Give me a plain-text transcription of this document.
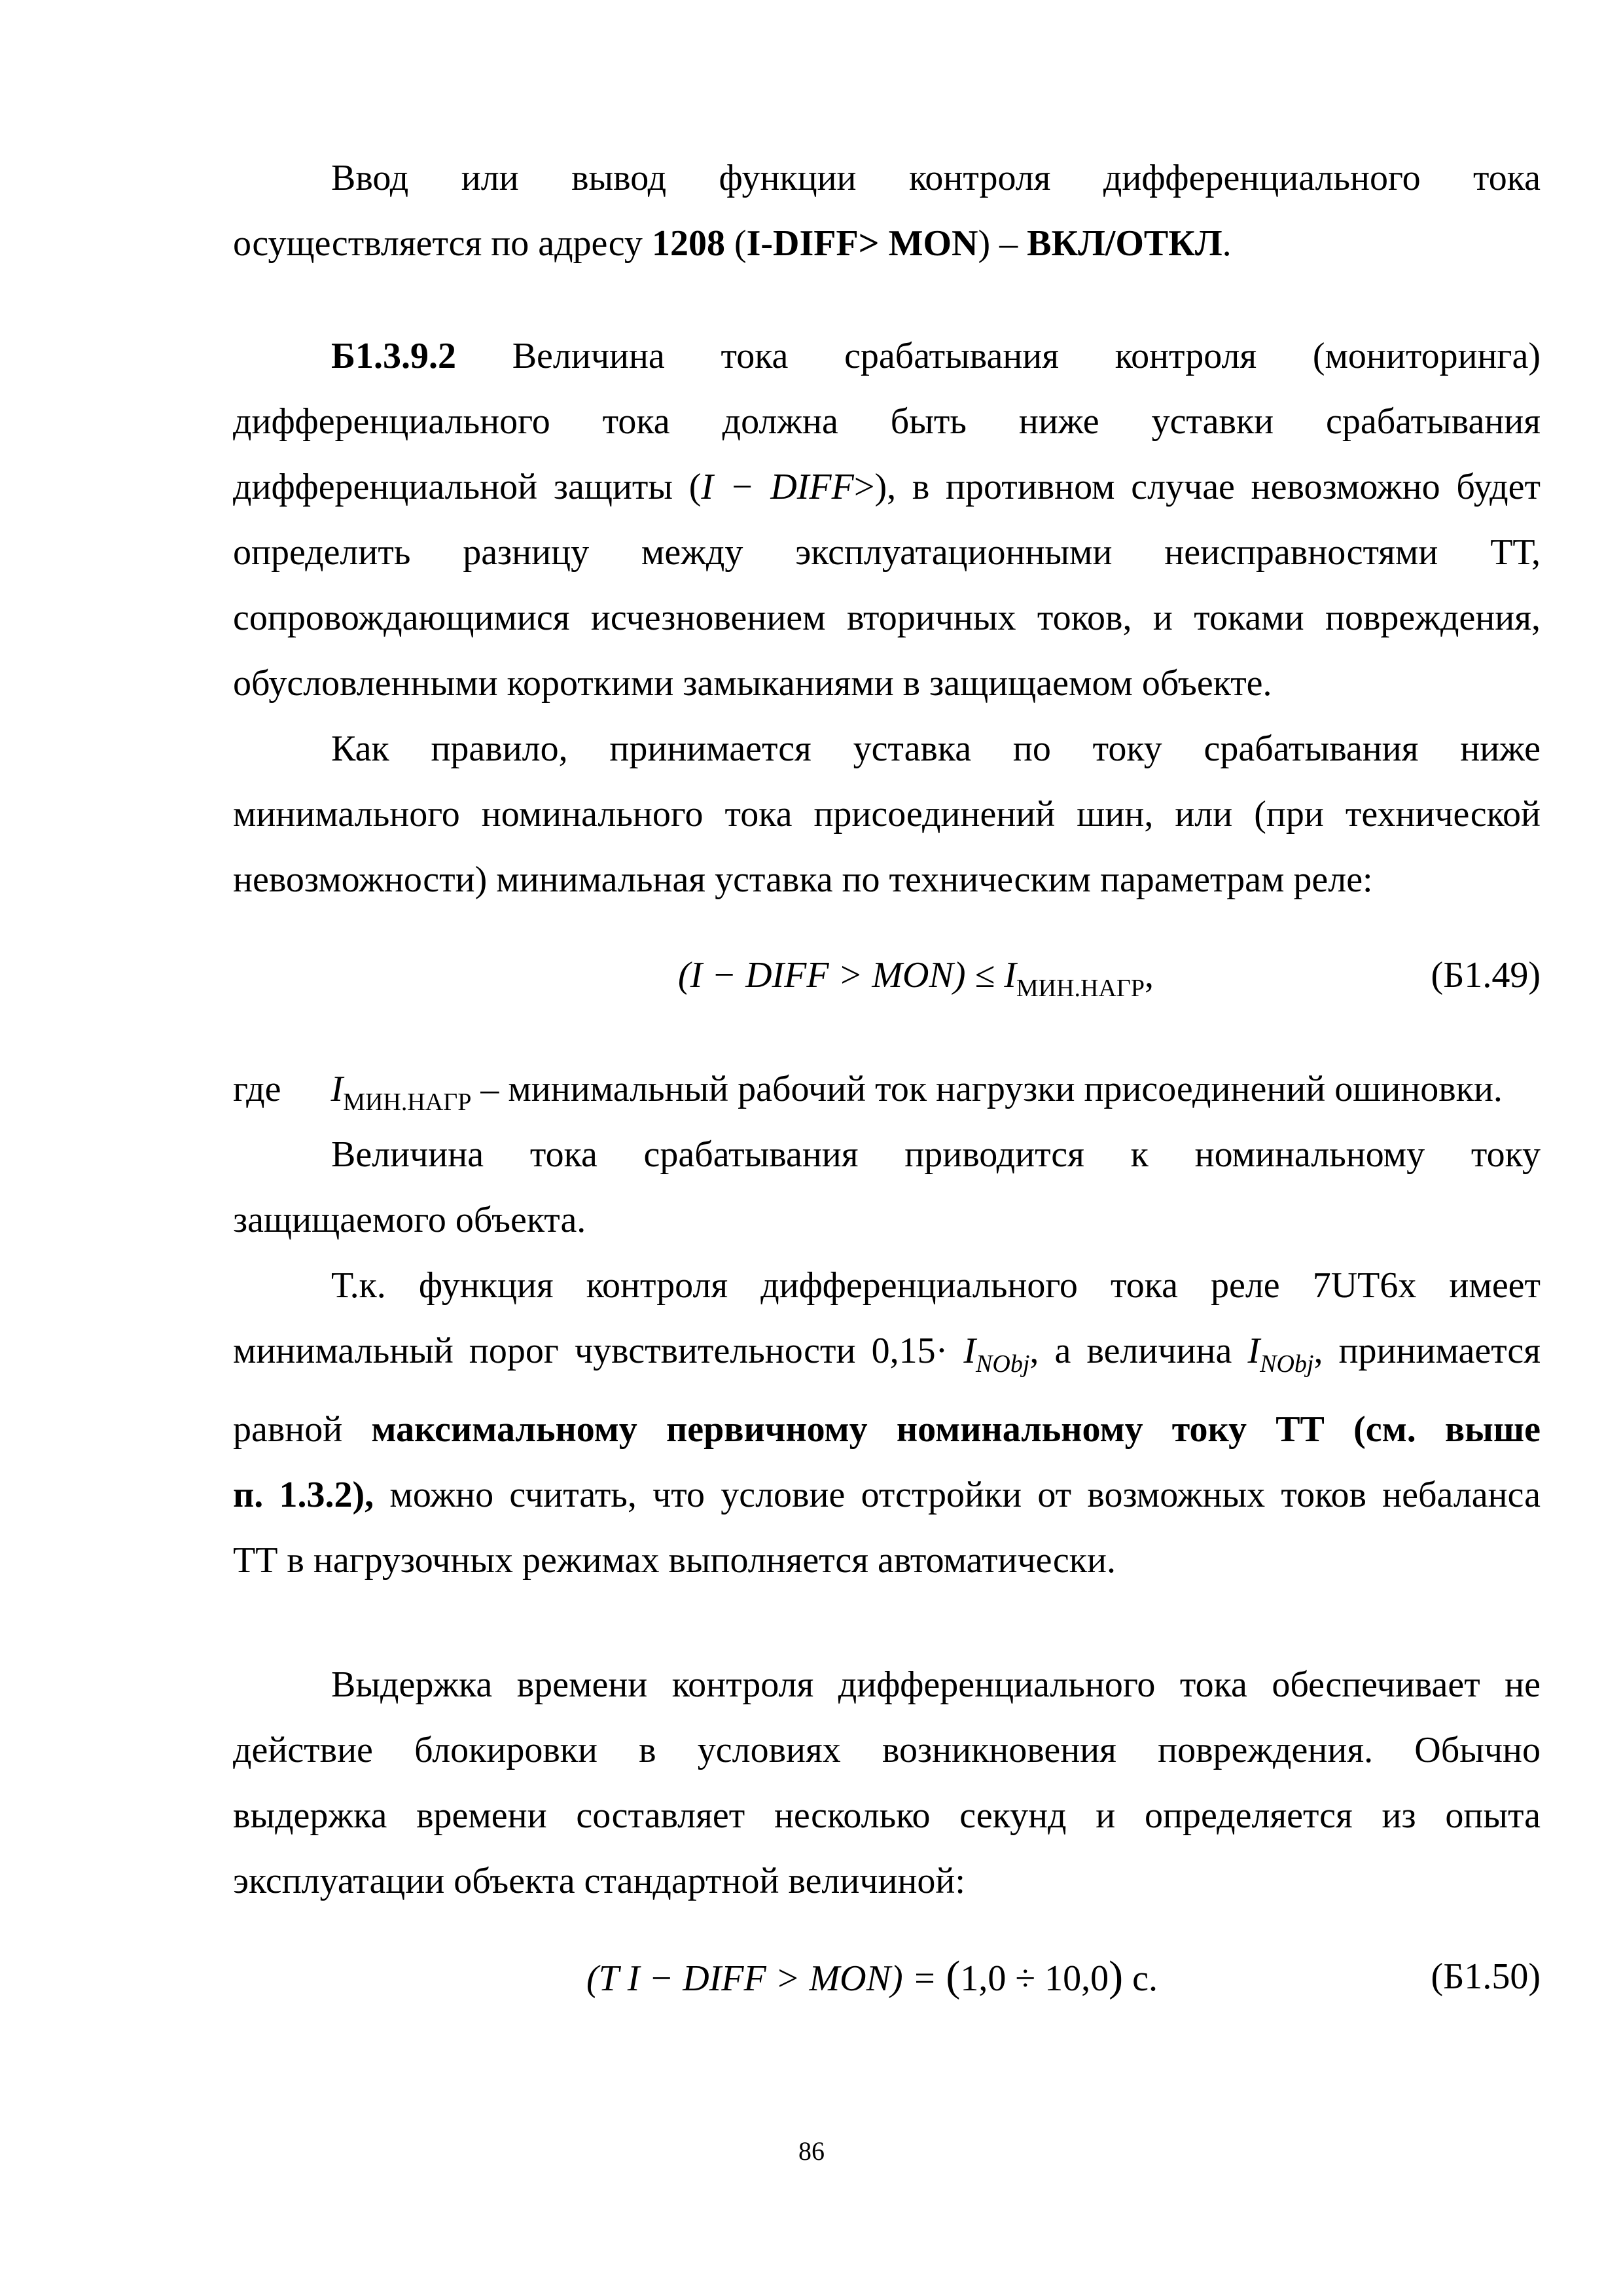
Ввод или вывод функции контроля дифференциального тока
осуществляется по адресу 1208 (I-DIFF> MON) – ВКЛ/ОТКЛ.
Б1.3.9.2 Величина тока срабатывания контроля (мониторинга)
дифференциального тока должна быть ниже уставки срабатывания
дифференциальной защиты (I − DIFF>), в противном случае невозможно будет
определить разницу между эксплуатационными неисправностями ТТ,
сопровождающимися исчезновением вторичных токов, и токами повреждения,
обусловленными короткими замыканиями в защищаемом объекте.
Как правило, принимается уставка по току срабатывания ниже
минимального номинального тока присоединений шин, или (при технической
невозможности) минимальная уставка по техническим параметрам реле:
(I − DIFF > $MON) \le I_{МИН.НАГР}$,	(Б1.49)
где $I_{МИН.НАГР}$ – минимальный рабочий ток нагрузки присоединений ошиновки.
Величина тока срабатывания приводится к номинальному току
защищаемого объекта.
Т.к. функция контроля дифференциального тока реле 7UT6х имеет
минимальный порог чувствительности $0,15\cdot I_{NObj}$, а величина $I_{NObj}$, принимается
равной максимальному первичному номинальному току ТТ (см. выше
п. 1.3.2), можно считать, что условие отстройки от возможных токов небаланса
ТТ в нагрузочных режимах выполняется автоматически.
Выдержка времени контроля дифференциального тока обеспечивает не
действие блокировки в условиях возникновения повреждения. Обычно
выдержка времени составляет несколько секунд и определяется из опыта
эксплуатации объекта стандартной величиной:
(T I − DIFF > MON) = (1,0 ÷ 10,0) с.	(Б1.50)
86
